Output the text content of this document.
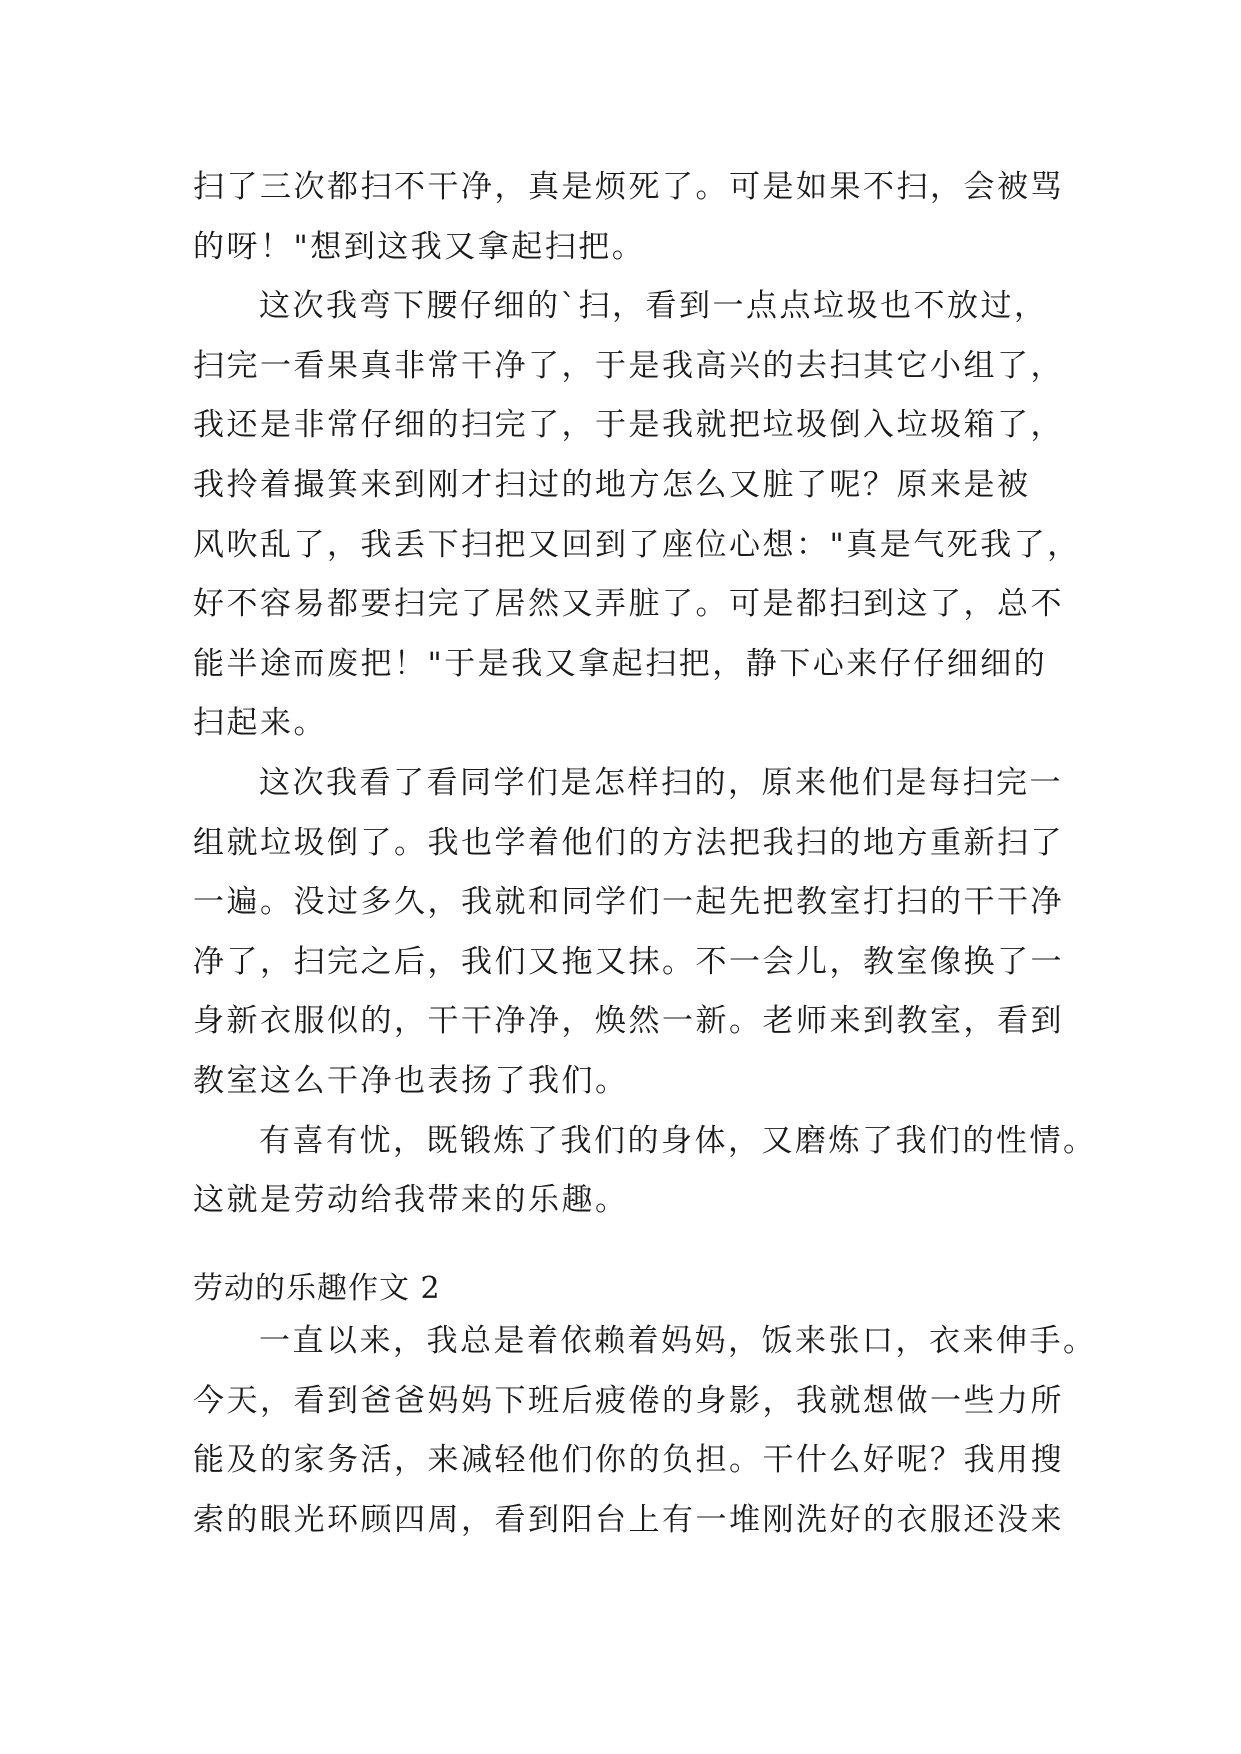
扫了三次都扫不干净，真是烦死了。可是如果不扫，会被骂
的呀！"想到这我又拿起扫把。
这次我弯下腰仔细的`扫，看到一点点垃圾也不放过，
扫完一看果真非常干净了，于是我高兴的去扫其它小组了，
我还是非常仔细的扫完了，于是我就把垃圾倒入垃圾箱了，
我拎着撮箕来到刚才扫过的地方怎么又脏了呢？原来是被
风吹乱了，我丢下扫把又回到了座位心想："真是气死我了，
好不容易都要扫完了居然又弄脏了。可是都扫到这了，总不
能半途而废把！"于是我又拿起扫把，静下心来仔仔细细的
扫起来。
这次我看了看同学们是怎样扫的，原来他们是每扫完一
组就垃圾倒了。我也学着他们的方法把我扫的地方重新扫了
一遍。没过多久，我就和同学们一起先把教室打扫的干干净
净了，扫完之后，我们又拖又抹。不一会儿，教室像换了一
身新衣服似的，干干净净，焕然一新。老师来到教室，看到
教室这么干净也表扬了我们。
有喜有忧，既锻炼了我们的身体，又磨炼了我们的性情。
这就是劳动给我带来的乐趣。
劳动的乐趣作文 2
一直以来，我总是着依赖着妈妈，饭来张口，衣来伸手。
今天，看到爸爸妈妈下班后疲倦的身影，我就想做一些力所
能及的家务活，来减轻他们你的负担。干什么好呢？我用搜
索的眼光环顾四周，看到阳台上有一堆刚洗好的衣服还没来
